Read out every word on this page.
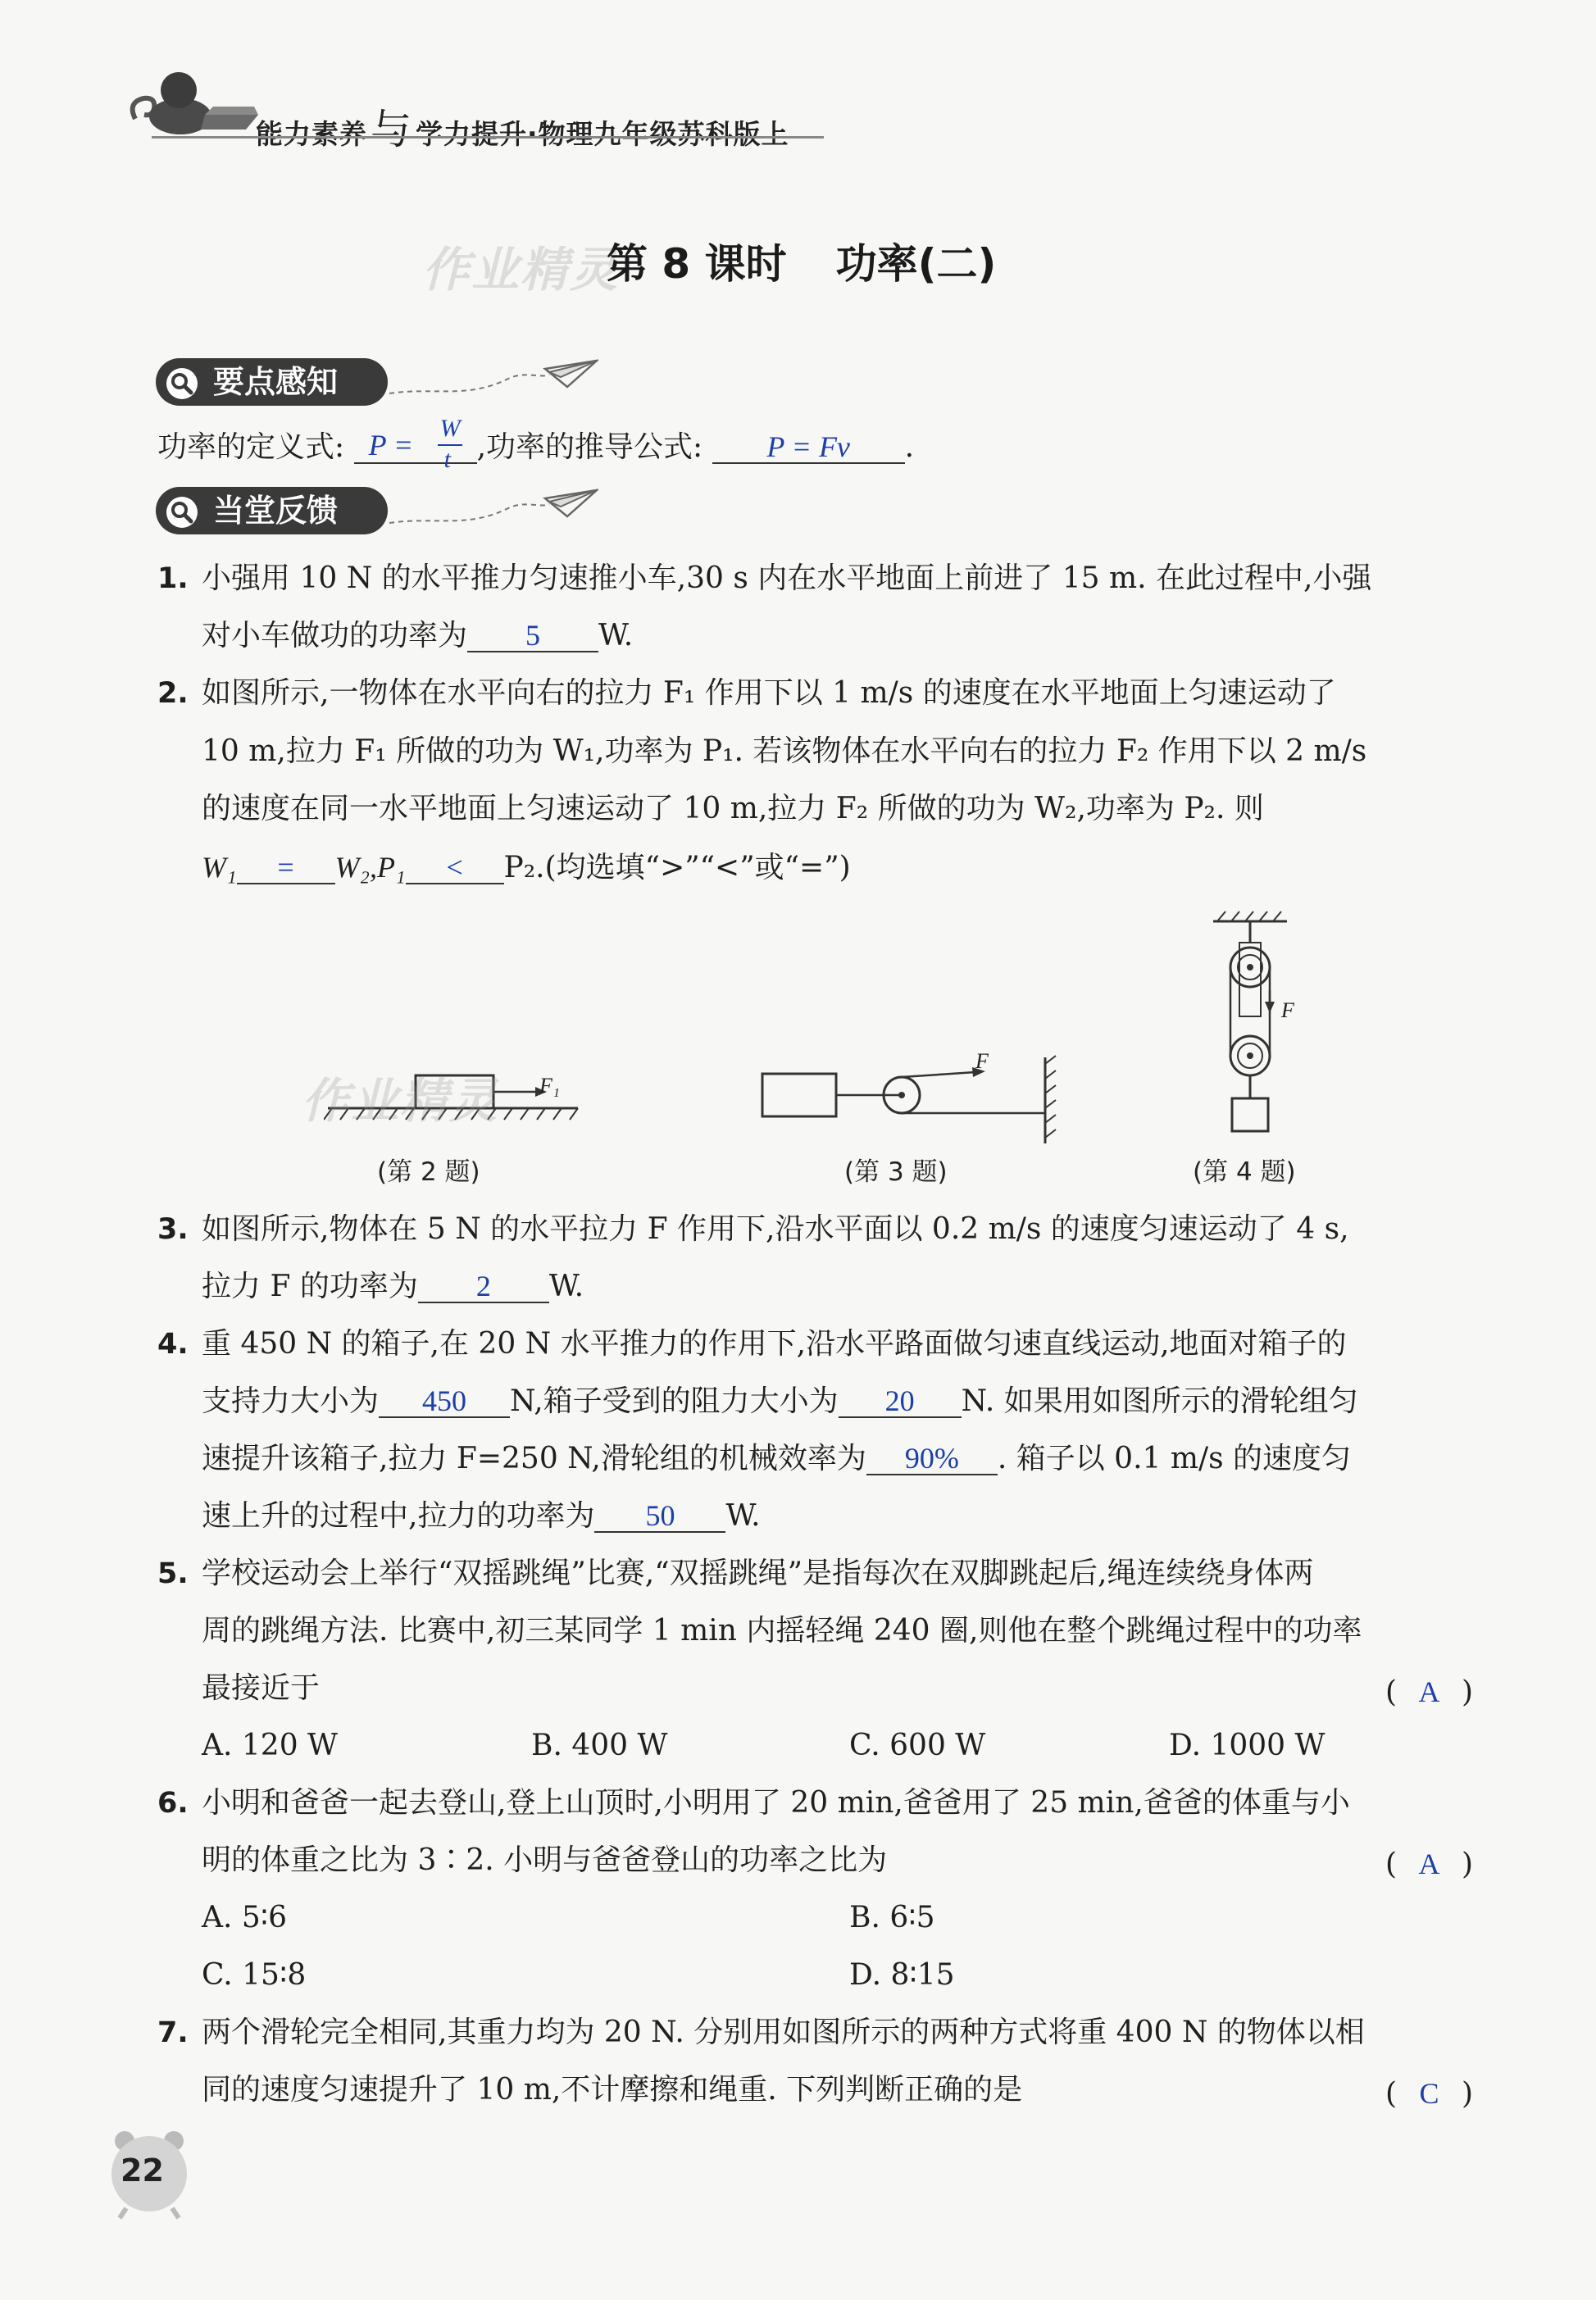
能力素养与 学力提升·物理九年级苏科版上
作业精灵
第 8 课时 功率(二)
要点感知
功率的定义式: P =
W
t ,功率的推导公式: P = Fv .
当堂反馈
1. 小强用 10 N 的水平推力匀速推小车,30 s 内在水平地面上前进了 15 m. 在此过程中,小强
对小车做功的功率为 5 W.
2. 如图所示,一物体在水平向右的拉力 F₁ 作用下以 1 m/s 的速度在水平地面上匀速运动了
10 m,拉力 F₁ 所做的功为 W₁,功率为 P₁. 若该物体在水平向右的拉力 F₂ 作用下以 2 m/s
的速度在同一水平地面上匀速运动了 10 m,拉力 F₂ 所做的功为 W₂,功率为 P₂. 则
W₁ = W₂,P₁ < P₂.(均选填“>”“<”或“=”)
F₁
(第 2 题)
F
(第 3 题)
F
(第 4 题)
作业精灵
3. 如图所示,物体在 5 N 的水平拉力 F 作用下,沿水平面以 0.2 m/s 的速度匀速运动了 4 s,
拉力 F 的功率为 2 W.
4. 重 450 N 的箱子,在 20 N 水平推力的作用下,沿水平路面做匀速直线运动,地面对箱子的
支持力大小为 450 N,箱子受到的阻力大小为 20 N. 如果用如图所示的滑轮组匀
速提升该箱子,拉力 F=250 N,滑轮组的机械效率为 90% . 箱子以 0.1 m/s 的速度匀
速上升的过程中,拉力的功率为 50 W.
5. 学校运动会上举行“双摇跳绳”比赛,“双摇跳绳”是指每次在双脚跳起后,绳连续绕身体两
周的跳绳方法. 比赛中,初三某同学 1 min 内摇轻绳 240 圈,则他在整个跳绳过程中的功率
最接近于	( A )
A. 120 W	B. 400 W	C. 600 W	D. 1000 W
6. 小明和爸爸一起去登山,登上山顶时,小明用了 20 min,爸爸用了 25 min,爸爸的体重与小
明的体重之比为 3∶2. 小明与爸爸登山的功率之比为	( A )
A. 5∶6	B. 6∶5
C. 15∶8	D. 8∶15
7. 两个滑轮完全相同,其重力均为 20 N. 分别用如图所示的两种方式将重 400 N 的物体以相
同的速度匀速提升了 10 m,不计摩擦和绳重. 下列判断正确的是	( C )
22
